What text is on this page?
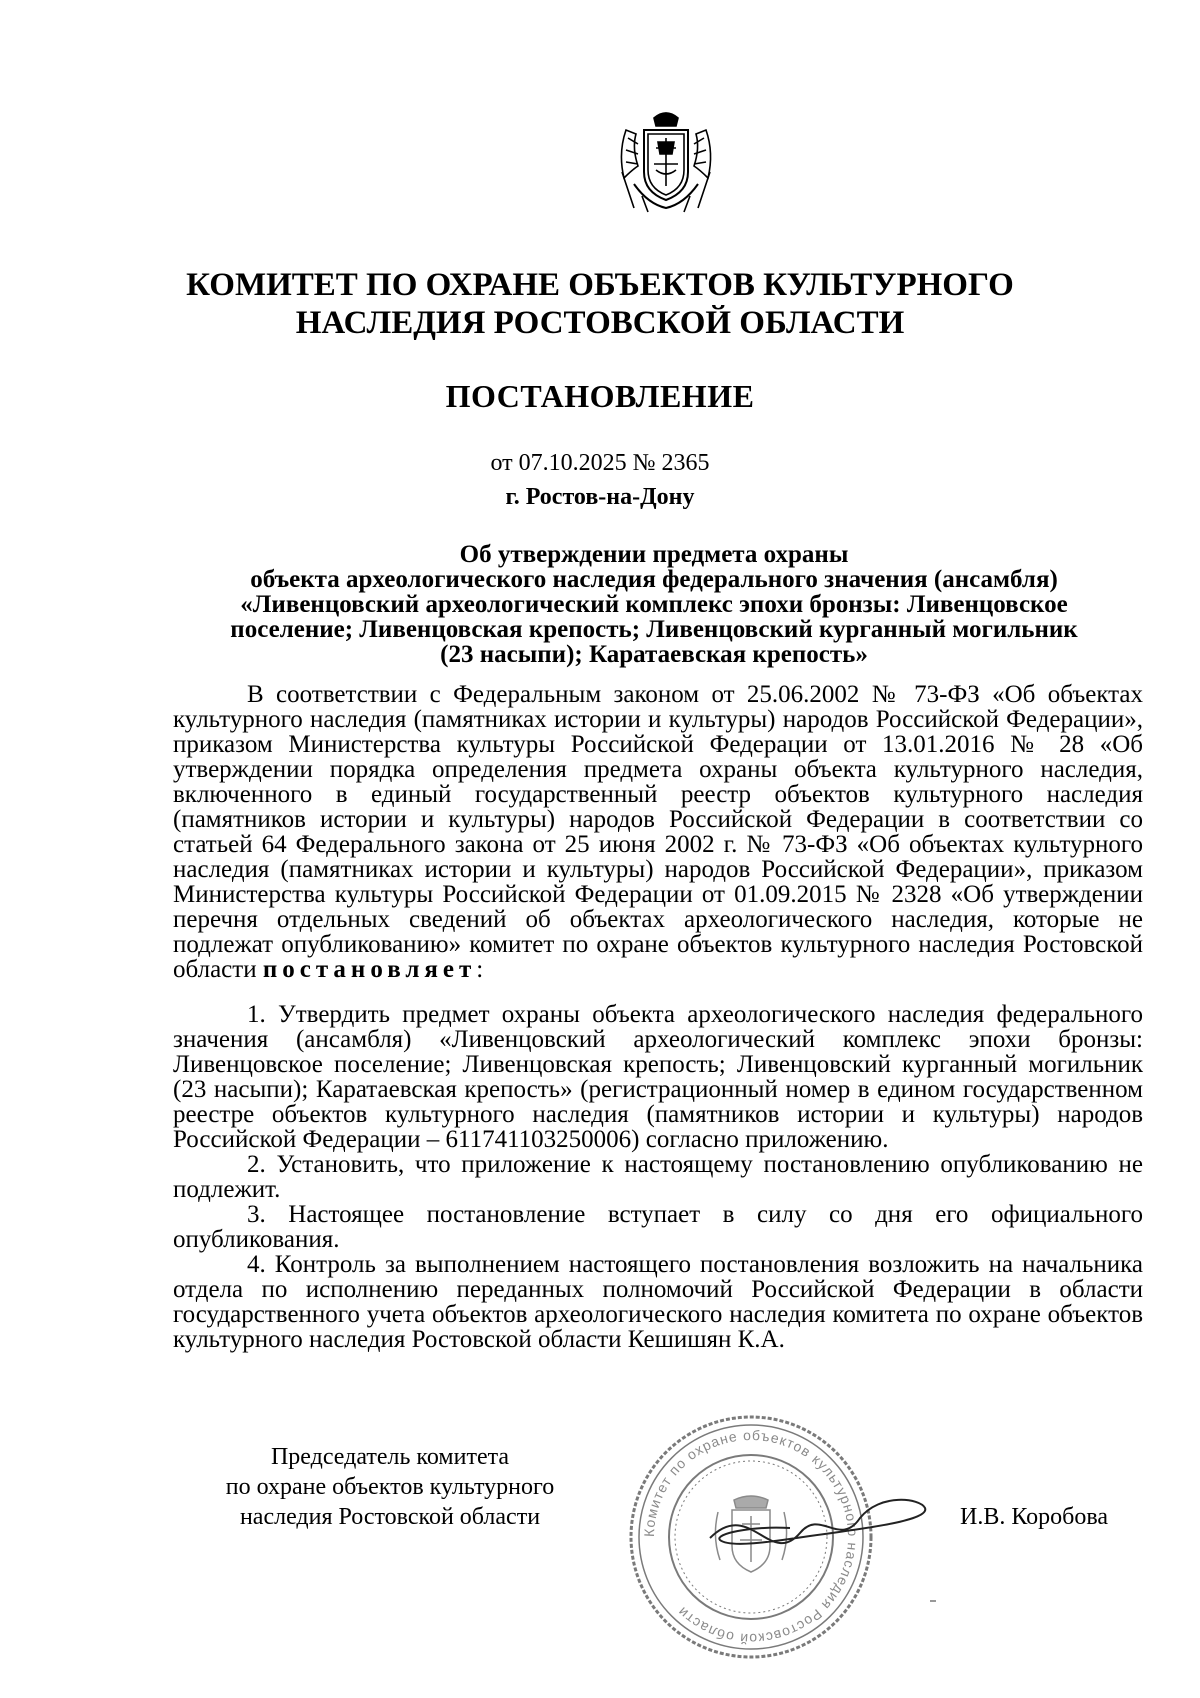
КОМИТЕТ ПО ОХРАНЕ ОБЪЕКТОВ КУЛЬТУРНОГО

НАСЛЕДИЯ РОСТОВСКОЙ ОБЛАСТИ
ПОСТАНОВЛЕНИЕ
от 07.10.2025 № 2365
г. Ростов-на-Дону
Об утверждении предмета охраны
объекта археологического наследия федерального значения (ансамбля)
«Ливенцовский археологический комплекс эпохи бронзы: Ливенцовское
поселение; Ливенцовская крепость; Ливенцовский курганный могильник
(23 насыпи); Каратаевская крепость»

В соответствии с Федеральным законом от 25.06.2002 № 73-ФЗ «Об объектах культурного наследия (памятниках истории и культуры) народов Российской Федерации», приказом Министерства культуры Российской Федерации от 13.01.2016 № 28 «Об утверждении порядка определения предмета охраны объекта культурного наследия, включенного в единый государственный реестр объектов культурного наследия (памятников истории и культуры) народов Российской Федерации в соответствии со статьей 64 Федерального закона от 25 июня 2002 г. № 73-ФЗ «Об объектах культурного наследия (памятниках истории и культуры) народов Российской Федерации», приказом Министерства культуры Российской Федерации от 01.09.2015 № 2328 «Об утверждении перечня отдельных сведений об объектах археологического наследия, которые не подлежат опубликованию» комитет по охране объектов культурного наследия Ростовской области постановляет:

1. Утвердить предмет охраны объекта археологического наследия федерального значения (ансамбля) «Ливенцовский археологический комплекс эпохи бронзы: Ливенцовское поселение; Ливенцовская крепость; Ливенцовский курганный могильник (23 насыпи); Каратаевская крепость» (регистрационный номер в едином государственном реестре объектов культурного наследия (памятников истории и культуры) народов Российской Федерации – 611741103250006) согласно приложению.

2. Установить, что приложение к настоящему постановлению опубликованию не подлежит.

3. Настоящее постановление вступает в силу со дня его официального опубликования.

4. Контроль за выполнением настоящего постановления возложить на начальника отдела по исполнению переданных полномочий Российской Федерации в области государственного учета объектов археологического наследия комитета по охране объектов культурного наследия Ростовской области Кешишян К.А.

Председатель комитета
по охране объектов культурного
наследия Ростовской области
Комитет по охране объектов культурного наследия Ростовской области
И.В. Коробова
